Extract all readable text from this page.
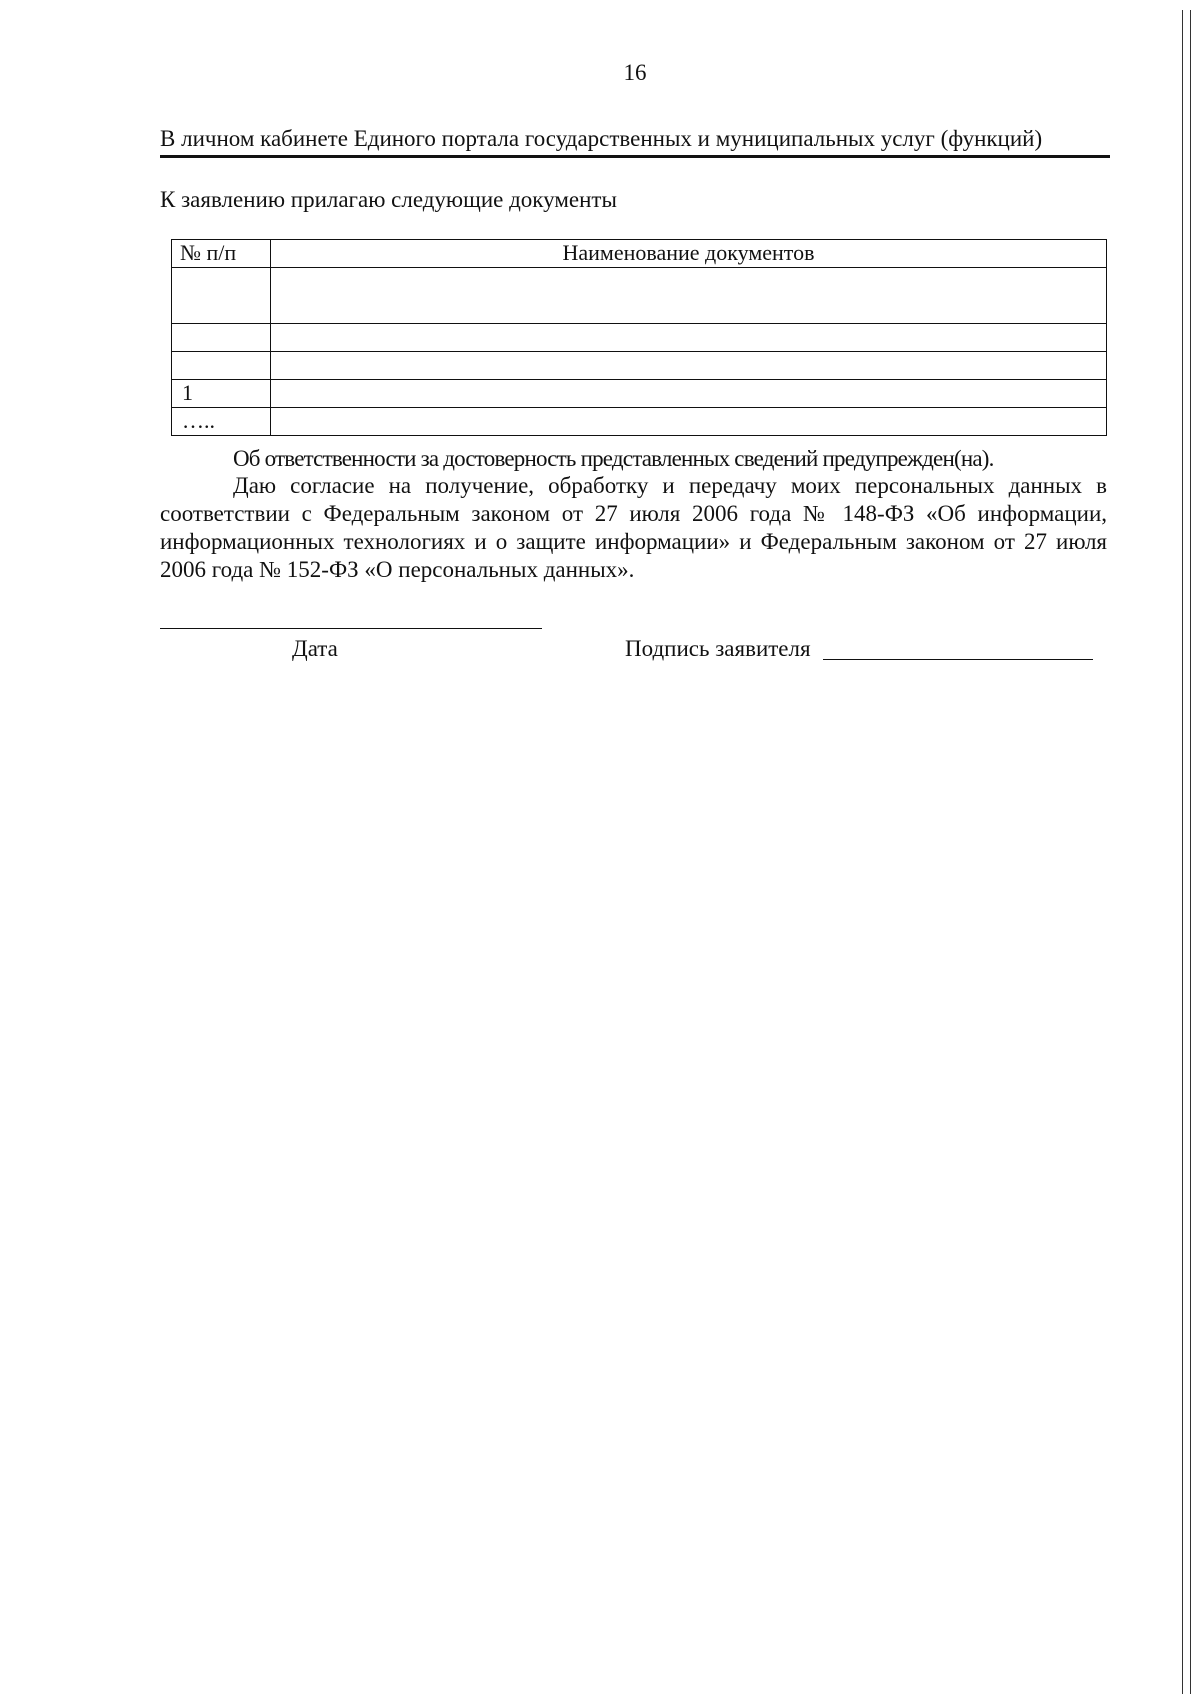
16
В личном кабинете Единого портала государственных и муниципальных услуг (функций)
К заявлению прилагаю следующие документы
№ п/п	Наименование документов

1	
…..	
Об ответственности за достоверность представленных сведений предупрежден(на).
Даю согласие на получение, обработку и передачу моих персональных данных в соответствии с Федеральным законом от 27 июля 2006 года № 148-ФЗ «Об информации, информационных технологиях и о защите информации» и Федеральным законом от 27 июля 2006 года № 152-ФЗ «О персональных данных».
Дата	Подпись заявителя
